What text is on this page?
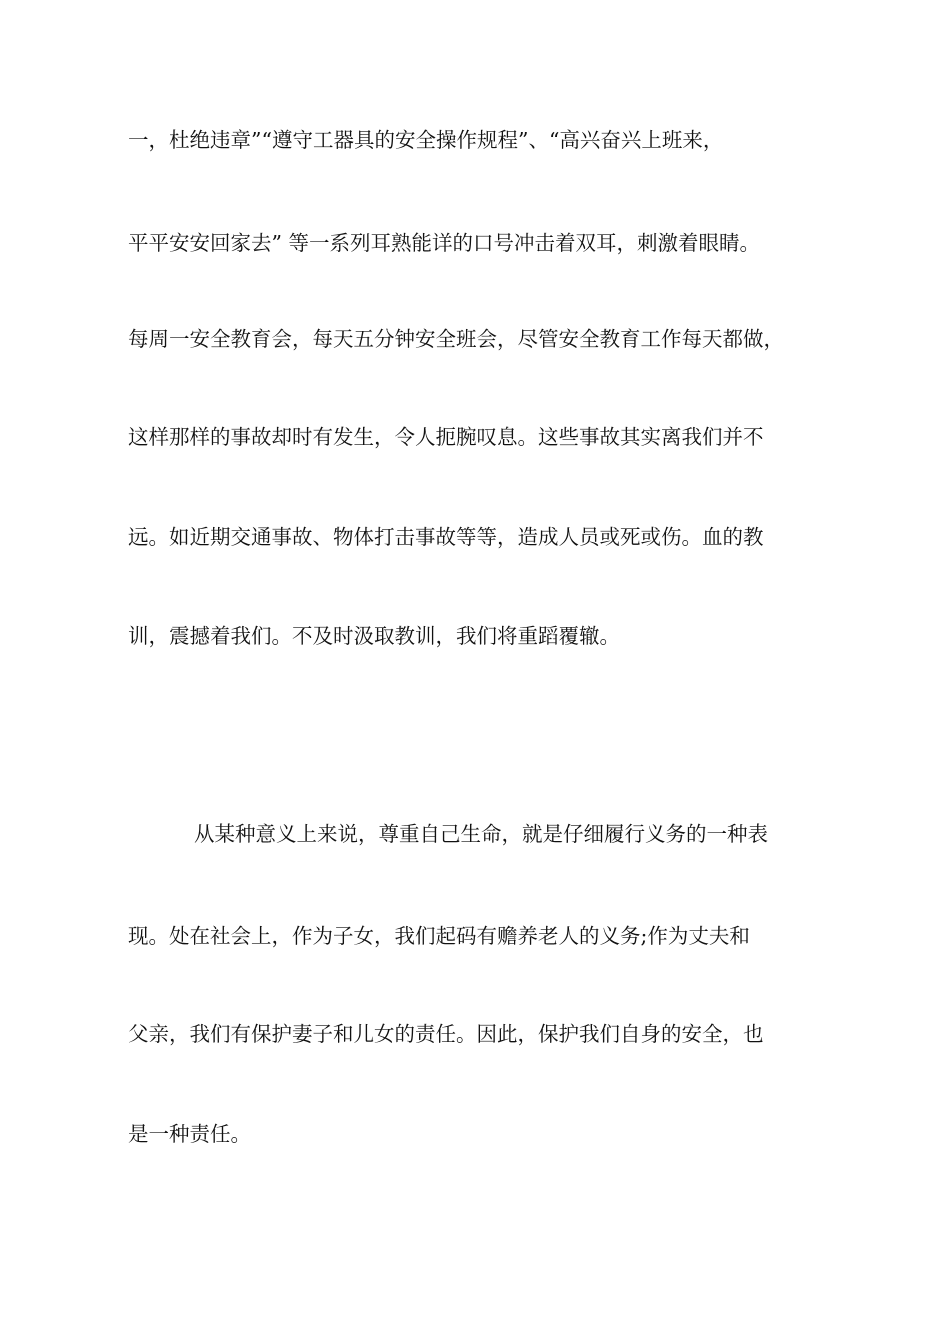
一，杜绝违章”“遵守工器具的安全操作规程”、“高兴奋兴上班来，
平平安安回家去” 等一系列耳熟能详的口号冲击着双耳，刺激着眼睛。
每周一安全教育会，每天五分钟安全班会，尽管安全教育工作每天都做，
这样那样的事故却时有发生，令人扼腕叹息。这些事故其实离我们并不
远。如近期交通事故、物体打击事故等等，造成人员或死或伤。血的教
训，震撼着我们。不及时汲取教训，我们将重蹈覆辙。
从某种意义上来说，尊重自己生命，就是仔细履行义务的一种表
现。处在社会上，作为子女，我们起码有赡养老人的义务;作为丈夫和
父亲，我们有保护妻子和儿女的责任。因此，保护我们自身的安全，也
是一种责任。
